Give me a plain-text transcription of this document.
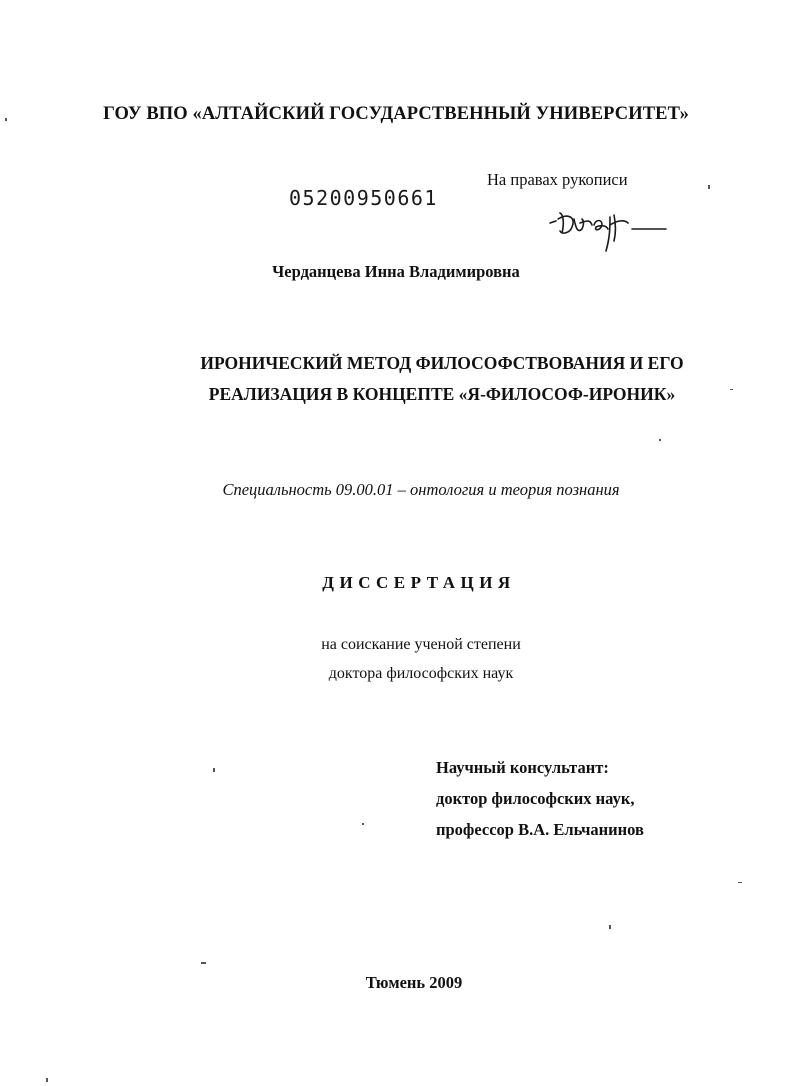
ГОУ ВПО «АЛТАЙСКИЙ ГОСУДАРСТВЕННЫЙ УНИВЕРСИТЕТ»
На правах рукописи
05200950661
Черданцева Инна Владимировна
ИРОНИЧЕСКИЙ МЕТОД ФИЛОСОФСТВОВАНИЯ И ЕГО
РЕАЛИЗАЦИЯ В КОНЦЕПТЕ «Я-ФИЛОСОФ-ИРОНИК»
Специальность 09.00.01 – онтология и теория познания
ДИССЕРТАЦИЯ
на соискание ученой степени
доктора философских наук
Научный консультант:
доктор философских наук,
профессор В.А. Ельчанинов
Тюмень 2009
